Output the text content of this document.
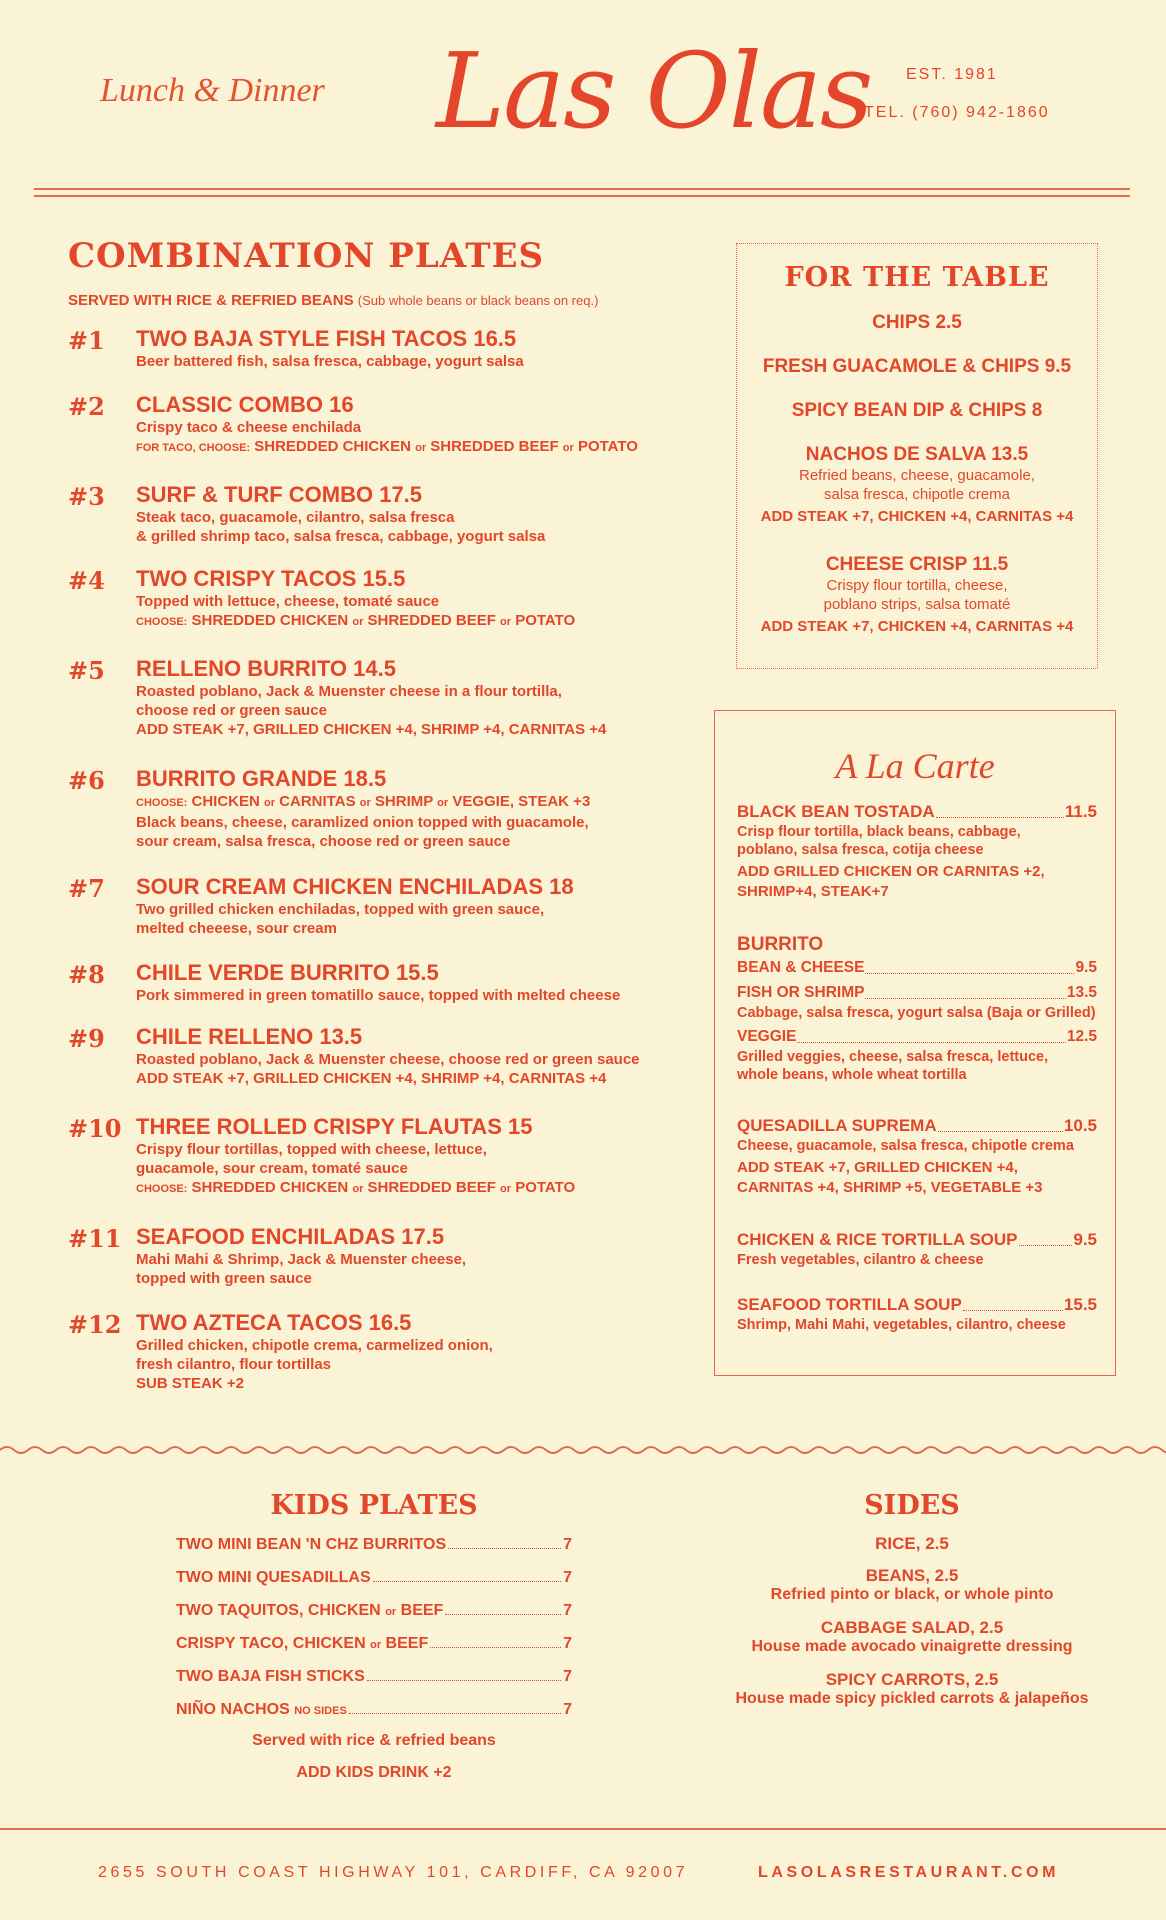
Lunch & Dinner Las Olas EST. 1981
TEL. (760) 942-1860
COMBINATION PLATES
SERVED WITH RICE & REFRIED BEANS (Sub whole beans or black beans on req.)
#1 TWO BAJA STYLE FISH TACOS 16.5
Beer battered fish, salsa fresca, cabbage, yogurt salsa
#2 CLASSIC COMBO 16
Crispy taco & cheese enchilada
FOR TACO, CHOOSE: SHREDDED CHICKEN or SHREDDED BEEF or POTATO
#3 SURF & TURF COMBO 17.5
Steak taco, guacamole, cilantro, salsa fresca
& grilled shrimp taco, salsa fresca, cabbage, yogurt salsa
#4 TWO CRISPY TACOS 15.5
Topped with lettuce, cheese, tomaté sauce
CHOOSE: SHREDDED CHICKEN or SHREDDED BEEF or POTATO
#5 RELLENO BURRITO 14.5
Roasted poblano, Jack & Muenster cheese in a flour tortilla,
choose red or green sauce
ADD STEAK +7, GRILLED CHICKEN +4, SHRIMP +4, CARNITAS +4
#6 BURRITO GRANDE 18.5
CHOOSE: CHICKEN or CARNITAS or SHRIMP or VEGGIE, STEAK +3
Black beans, cheese, caramlized onion topped with guacamole,
sour cream, salsa fresca, choose red or green sauce
#7 SOUR CREAM CHICKEN ENCHILADAS 18
Two grilled chicken enchiladas, topped with green sauce,
melted cheeese, sour cream
#8 CHILE VERDE BURRITO 15.5
Pork simmered in green tomatillo sauce, topped with melted cheese
#9 CHILE RELLENO 13.5
Roasted poblano, Jack & Muenster cheese, choose red or green sauce
ADD STEAK +7, GRILLED CHICKEN +4, SHRIMP +4, CARNITAS +4
#10 THREE ROLLED CRISPY FLAUTAS 15
Crispy flour tortillas, topped with cheese, lettuce,
guacamole, sour cream, tomaté sauce
CHOOSE: SHREDDED CHICKEN or SHREDDED BEEF or POTATO
#11 SEAFOOD ENCHILADAS 17.5
Mahi Mahi & Shrimp, Jack & Muenster cheese,
topped with green sauce
#12 TWO AZTECA TACOS 16.5
Grilled chicken, chipotle crema, carmelized onion,
fresh cilantro, flour tortillas
SUB STEAK +2
FOR THE TABLE
CHIPS 2.5
FRESH GUACAMOLE & CHIPS 9.5
SPICY BEAN DIP & CHIPS 8
NACHOS DE SALVA 13.5
Refried beans, cheese, guacamole,
salsa fresca, chipotle crema
ADD STEAK +7, CHICKEN +4, CARNITAS +4
CHEESE CRISP 11.5
Crispy flour tortilla, cheese,
poblano strips, salsa tomaté
ADD STEAK +7, CHICKEN +4, CARNITAS +4
A La Carte
BLACK BEAN TOSTADA	11.5
Crisp flour tortilla, black beans, cabbage,
poblano, salsa fresca, cotija cheese
ADD GRILLED CHICKEN OR CARNITAS +2,
SHRIMP+4, STEAK+7
BURRITO
BEAN & CHEESE	9.5
FISH OR SHRIMP	13.5
Cabbage, salsa fresca, yogurt salsa (Baja or Grilled)
VEGGIE	12.5
Grilled veggies, cheese, salsa fresca, lettuce,
whole beans, whole wheat tortilla
QUESADILLA SUPREMA	10.5
Cheese, guacamole, salsa fresca, chipotle crema
ADD STEAK +7, GRILLED CHICKEN +4,
CARNITAS +4, SHRIMP +5, VEGETABLE +3
CHICKEN & RICE TORTILLA SOUP	9.5
Fresh vegetables, cilantro & cheese
SEAFOOD TORTILLA SOUP	15.5
Shrimp, Mahi Mahi, vegetables, cilantro, cheese
KIDS PLATES
TWO MINI BEAN 'N CHZ BURRITOS	7
TWO MINI QUESADILLAS	7
TWO TAQUITOS, CHICKEN or BEEF	7
CRISPY TACO, CHICKEN or BEEF	7
TWO BAJA FISH STICKS	7
NIÑO NACHOS NO SIDES	7
Served with rice & refried beans
ADD KIDS DRINK +2
SIDES
RICE, 2.5
BEANS, 2.5
Refried pinto or black, or whole pinto
CABBAGE SALAD, 2.5
House made avocado vinaigrette dressing
SPICY CARROTS, 2.5
House made spicy pickled carrots & jalapeños
2655 SOUTH COAST HIGHWAY 101, CARDIFF, CA 92007	LASOLASRESTAURANT.COM
